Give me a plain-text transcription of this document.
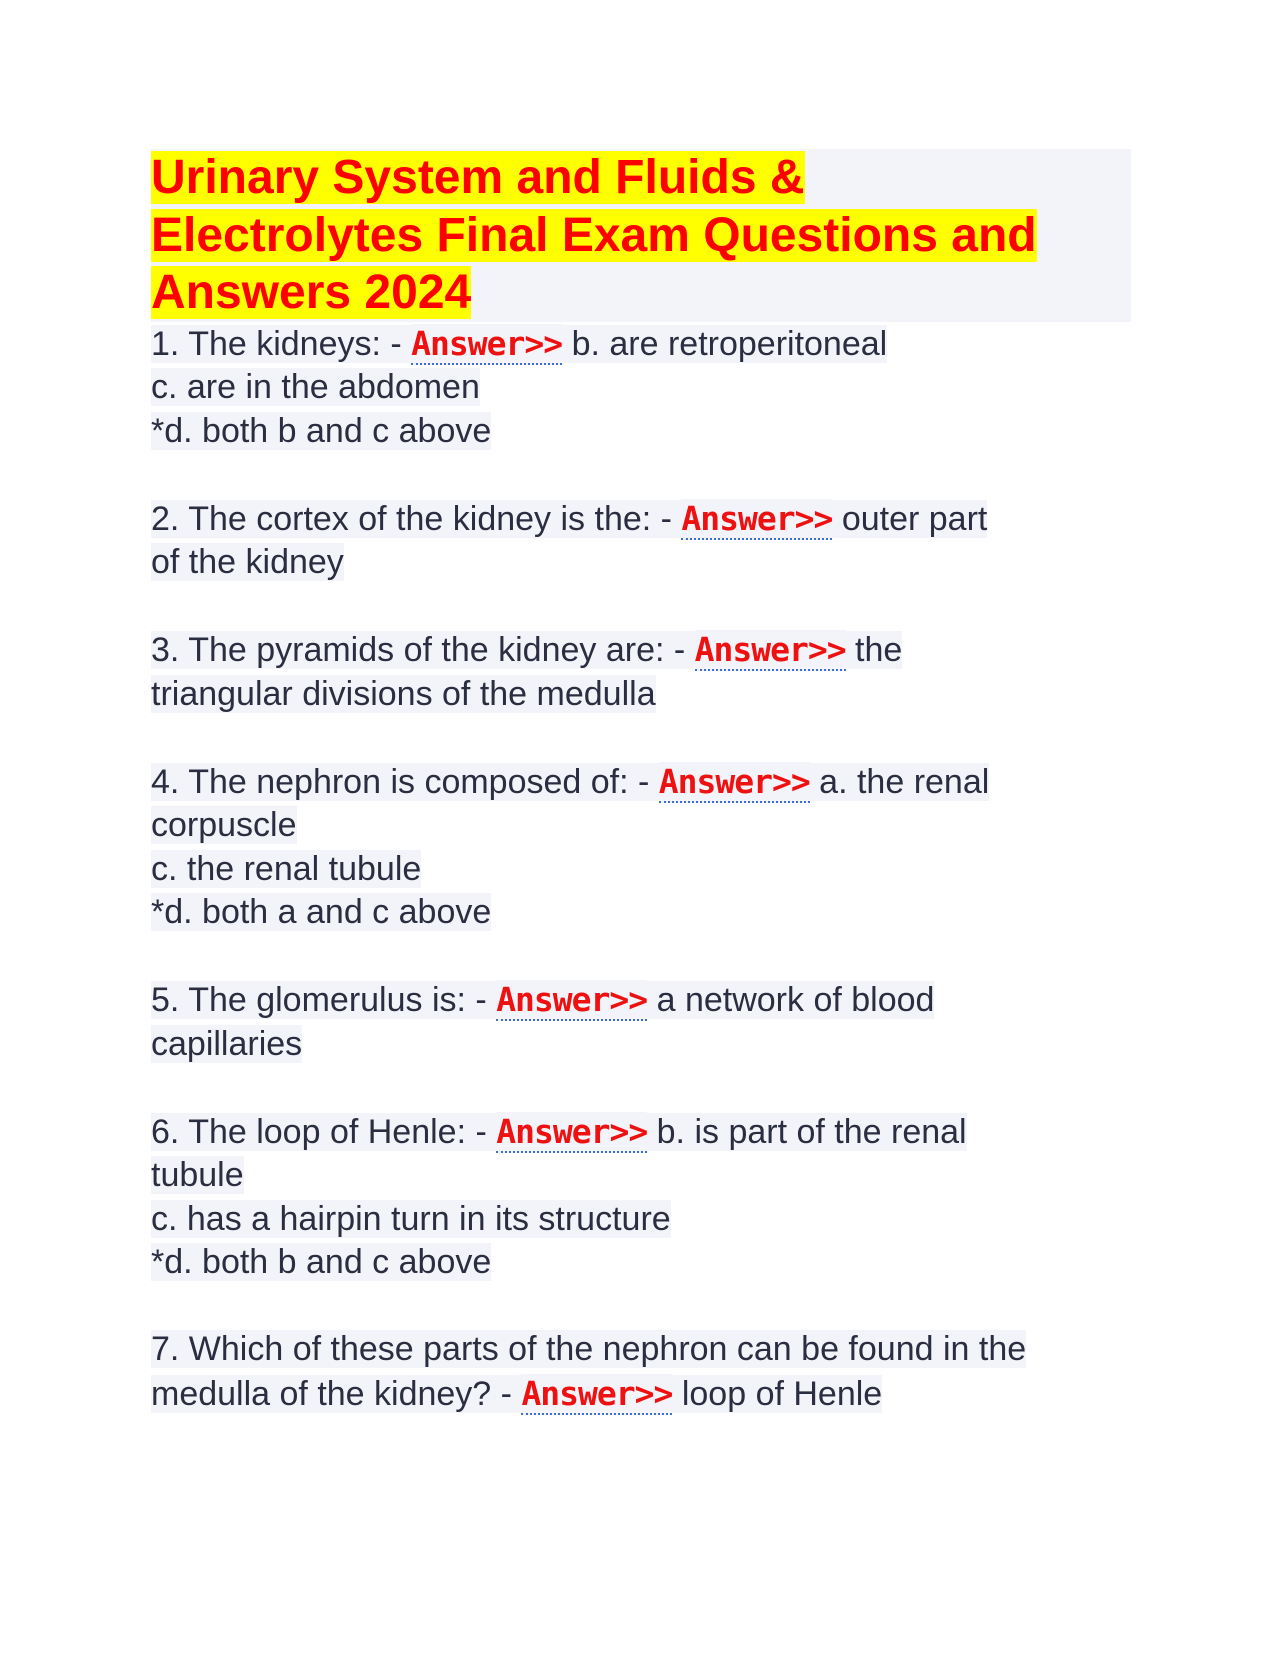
Urinary System and Fluids &
Electrolytes Final Exam Questions and
Answers 2024
1. The kidneys: - Answer>> b. are retroperitoneal
c. are in the abdomen
*d. both b and c above
2. The cortex of the kidney is the: - Answer>> outer part
of the kidney
3. The pyramids of the kidney are: - Answer>> the
triangular divisions of the medulla
4. The nephron is composed of: - Answer>> a. the renal
corpuscle
c. the renal tubule
*d. both a and c above
5. The glomerulus is: - Answer>> a network of blood
capillaries
6. The loop of Henle: - Answer>> b. is part of the renal
tubule
c. has a hairpin turn in its structure
*d. both b and c above
7. Which of these parts of the nephron can be found in the
medulla of the kidney? - Answer>> loop of Henle
